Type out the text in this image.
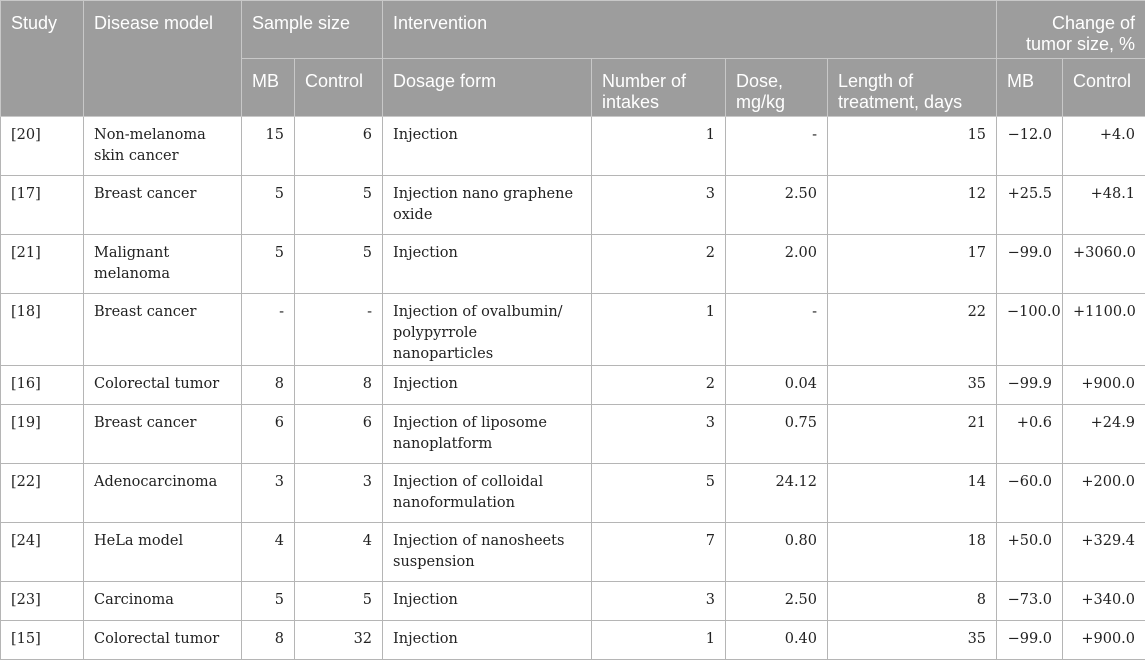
Study	Disease model	Sample size		Intervention				Change of tumor size, %	
		MB	Control	Dosage form	Number of intakes	Dose, mg/kg	Length of treatment, days	MB	Control
[20]	Non-melanoma skin cancer	15	6	Injection	1	-	15	−12.0	+4.0
[17]	Breast cancer	5	5	Injection nano graphene oxide	3	2.50	12	+25.5	+48.1
[21]	Malignant melanoma	5	5	Injection	2	2.00	17	−99.0	+3060.0
[18]	Breast cancer	-	-	Injection of ovalbumin/ polypyrrole nanoparticles	1	-	22	−100.0	+1100.0
[16]	Colorectal tumor	8	8	Injection	2	0.04	35	−99.9	+900.0
[19]	Breast cancer	6	6	Injection of liposome nanoplatform	3	0.75	21	+0.6	+24.9
[22]	Adenocarcinoma	3	3	Injection of colloidal nanoformulation	5	24.12	14	−60.0	+200.0
[24]	HeLa model	4	4	Injection of nanosheets suspension	7	0.80	18	+50.0	+329.4
[23]	Carcinoma	5	5	Injection	3	2.50	8	−73.0	+340.0
[15]	Colorectal tumor	8	32	Injection	1	0.40	35	−99.0	+900.0
